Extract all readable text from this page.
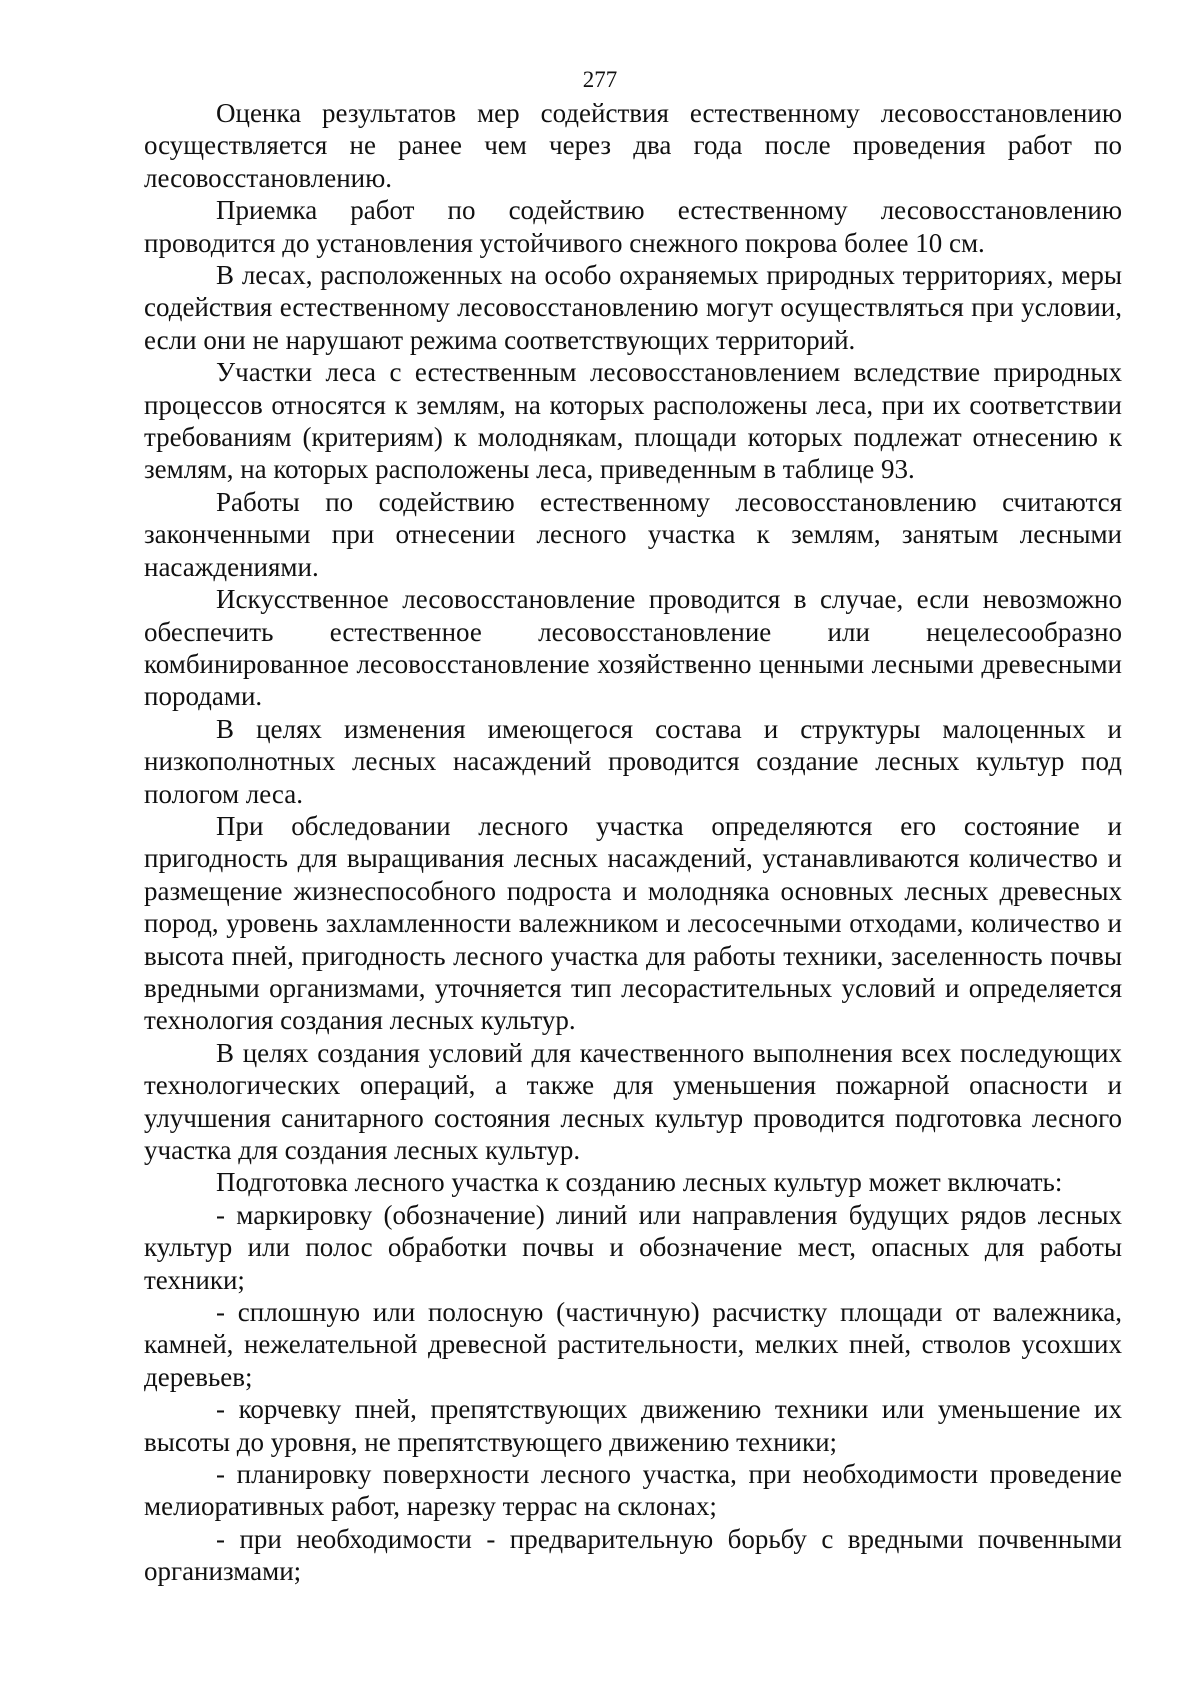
277

Оценка результатов мер содействия естественному лесовосстановлению осуществляется не ранее чем через два года после проведения работ по лесовосстановлению.

Приемка работ по содействию естественному лесовосстановлению проводится до установления устойчивого снежного покрова более 10 см.

В лесах, расположенных на особо охраняемых природных территориях, меры содействия естественному лесовосстановлению могут осуществляться при условии, если они не нарушают режима соответствующих территорий.

Участки леса с естественным лесовосстановлением вследствие природных процессов относятся к землям, на которых расположены леса, при их соответствии требованиям (критериям) к молоднякам, площади которых подлежат отнесению к землям, на которых расположены леса, приведенным в таблице 93.

Работы по содействию естественному лесовосстановлению считаются законченными при отнесении лесного участка к землям, занятым лесными насаждениями.

Искусственное лесовосстановление проводится в случае, если невозможно обеспечить естественное лесовосстановление или нецелесообразно комбинированное лесовосстановление хозяйственно ценными лесными древесными породами.

В целях изменения имеющегося состава и структуры малоценных и низкополнотных лесных насаждений проводится создание лесных культур под пологом леса.

При обследовании лесного участка определяются его состояние и пригодность для выращивания лесных насаждений, устанавливаются количество и размещение жизнеспособного подроста и молодняка основных лесных древесных пород, уровень захламленности валежником и лесосечными отходами, количество и высота пней, пригодность лесного участка для работы техники, заселенность почвы вредными организмами, уточняется тип лесорастительных условий и определяется технология создания лесных культур.

В целях создания условий для качественного выполнения всех последующих технологических операций, а также для уменьшения пожарной опасности и улучшения санитарного состояния лесных культур проводится подготовка лесного участка для создания лесных культур.

Подготовка лесного участка к созданию лесных культур может включать:

- маркировку (обозначение) линий или направления будущих рядов лесных культур или полос обработки почвы и обозначение мест, опасных для работы техники;

- сплошную или полосную (частичную) расчистку площади от валежника, камней, нежелательной древесной растительности, мелких пней, стволов усохших деревьев;

- корчевку пней, препятствующих движению техники или уменьшение их высоты до уровня, не препятствующего движению техники;

- планировку поверхности лесного участка, при необходимости проведение мелиоративных работ, нарезку террас на склонах;

- при необходимости - предварительную борьбу с вредными почвенными организмами;
